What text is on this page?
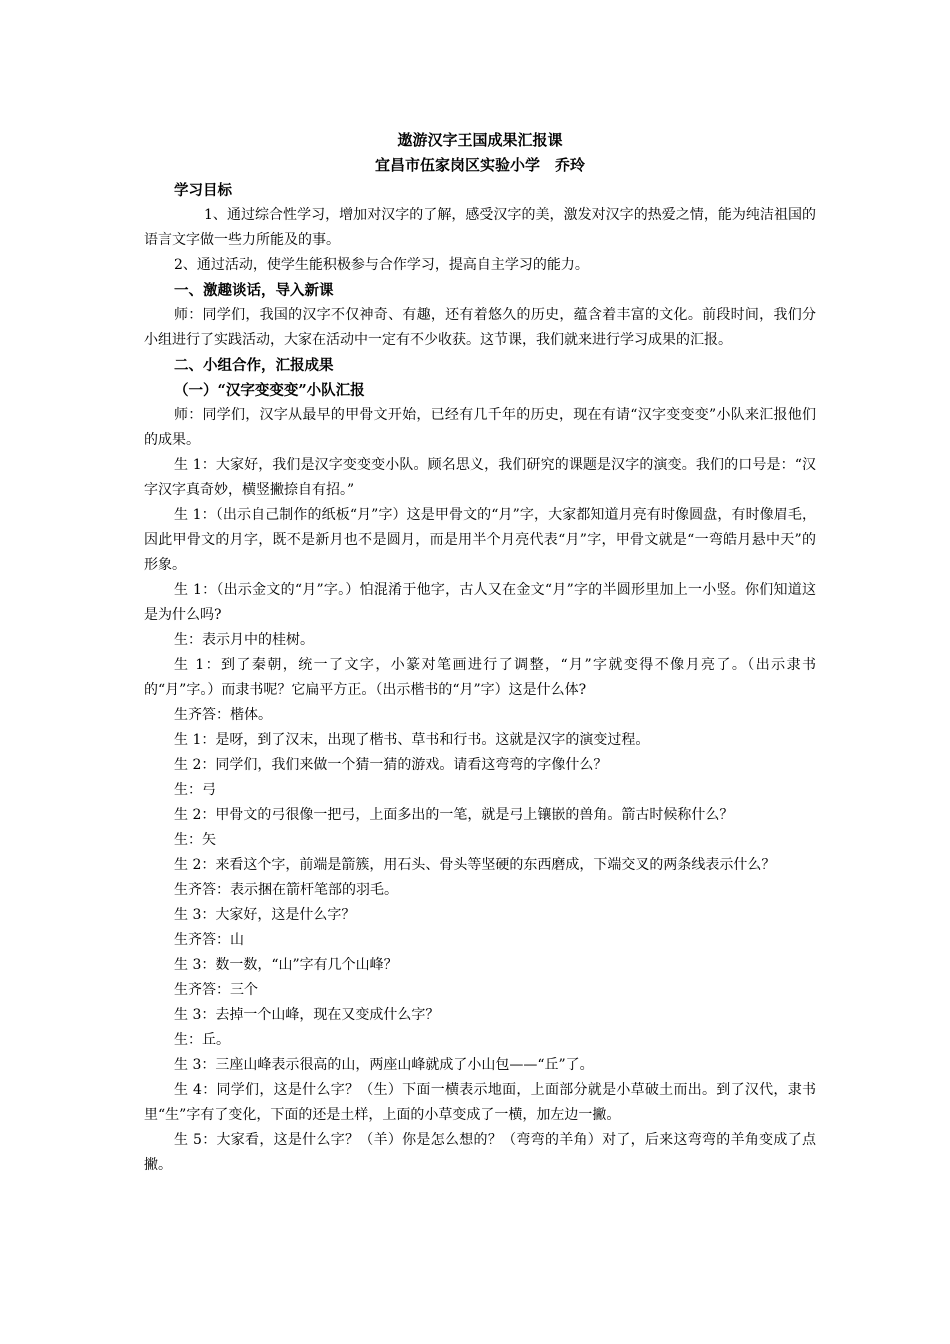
遨游汉字王国成果汇报课

宜昌市伍家岗区实验小学　乔玲

学习目标

1、通过综合性学习，增加对汉字的了解，感受汉字的美，激发对汉字的热爱之情，能为纯洁祖国的语言文字做一些力所能及的事。

2、通过活动，使学生能积极参与合作学习，提高自主学习的能力。

一、激趣谈话，导入新课

师：同学们，我国的汉字不仅神奇、有趣，还有着悠久的历史，蕴含着丰富的文化。前段时间，我们分小组进行了实践活动，大家在活动中一定有不少收获。这节课，我们就来进行学习成果的汇报。

二、小组合作，汇报成果

（一）“汉字变变变”小队汇报

师：同学们，汉字从最早的甲骨文开始，已经有几千年的历史，现在有请“汉字变变变”小队来汇报他们的成果。

生 1：大家好，我们是汉字变变变小队。顾名思义，我们研究的课题是汉字的演变。我们的口号是：“汉字汉字真奇妙，横竖撇捺自有招。”

生 1：（出示自己制作的纸板“月”字）这是甲骨文的“月”字，大家都知道月亮有时像圆盘，有时像眉毛，因此甲骨文的月字，既不是新月也不是圆月，而是用半个月亮代表“月”字，甲骨文就是“一弯皓月悬中天”的形象。

生 1：（出示金文的“月”字。）怕混淆于他字，古人又在金文“月”字的半圆形里加上一小竖。你们知道这是为什么吗?

生：表示月中的桂树。

生 1：到了秦朝，统一了文字，小篆对笔画进行了调整，“月”字就变得不像月亮了。（出示隶书的“月”字。）而隶书呢？它扁平方正。（出示楷书的“月”字）这是什么体?

生齐答：楷体。

生 1：是呀，到了汉末，出现了楷书、草书和行书。这就是汉字的演变过程。

生 2：同学们，我们来做一个猜一猜的游戏。请看这弯弯的字像什么？

生：弓

生 2：甲骨文的弓很像一把弓，上面多出的一笔，就是弓上镶嵌的兽角。箭古时候称什么？

生：矢

生 2：来看这个字，前端是箭簇，用石头、骨头等坚硬的东西磨成，下端交叉的两条线表示什么？

生齐答：表示捆在箭杆笔部的羽毛。

生 3：大家好，这是什么字？

生齐答：山

生 3：数一数，“山”字有几个山峰？

生齐答：三个

生 3：去掉一个山峰，现在又变成什么字？

生：丘。

生 3：三座山峰表示很高的山，两座山峰就成了小山包——“丘”了。

生 4：同学们，这是什么字？（生）下面一横表示地面，上面部分就是小草破土而出。到了汉代，隶书里“生”字有了变化，下面的还是土样，上面的小草变成了一横，加左边一撇。

生 5：大家看，这是什么字？（羊）你是怎么想的？（弯弯的羊角）对了，后来这弯弯的羊角变成了点撇。
